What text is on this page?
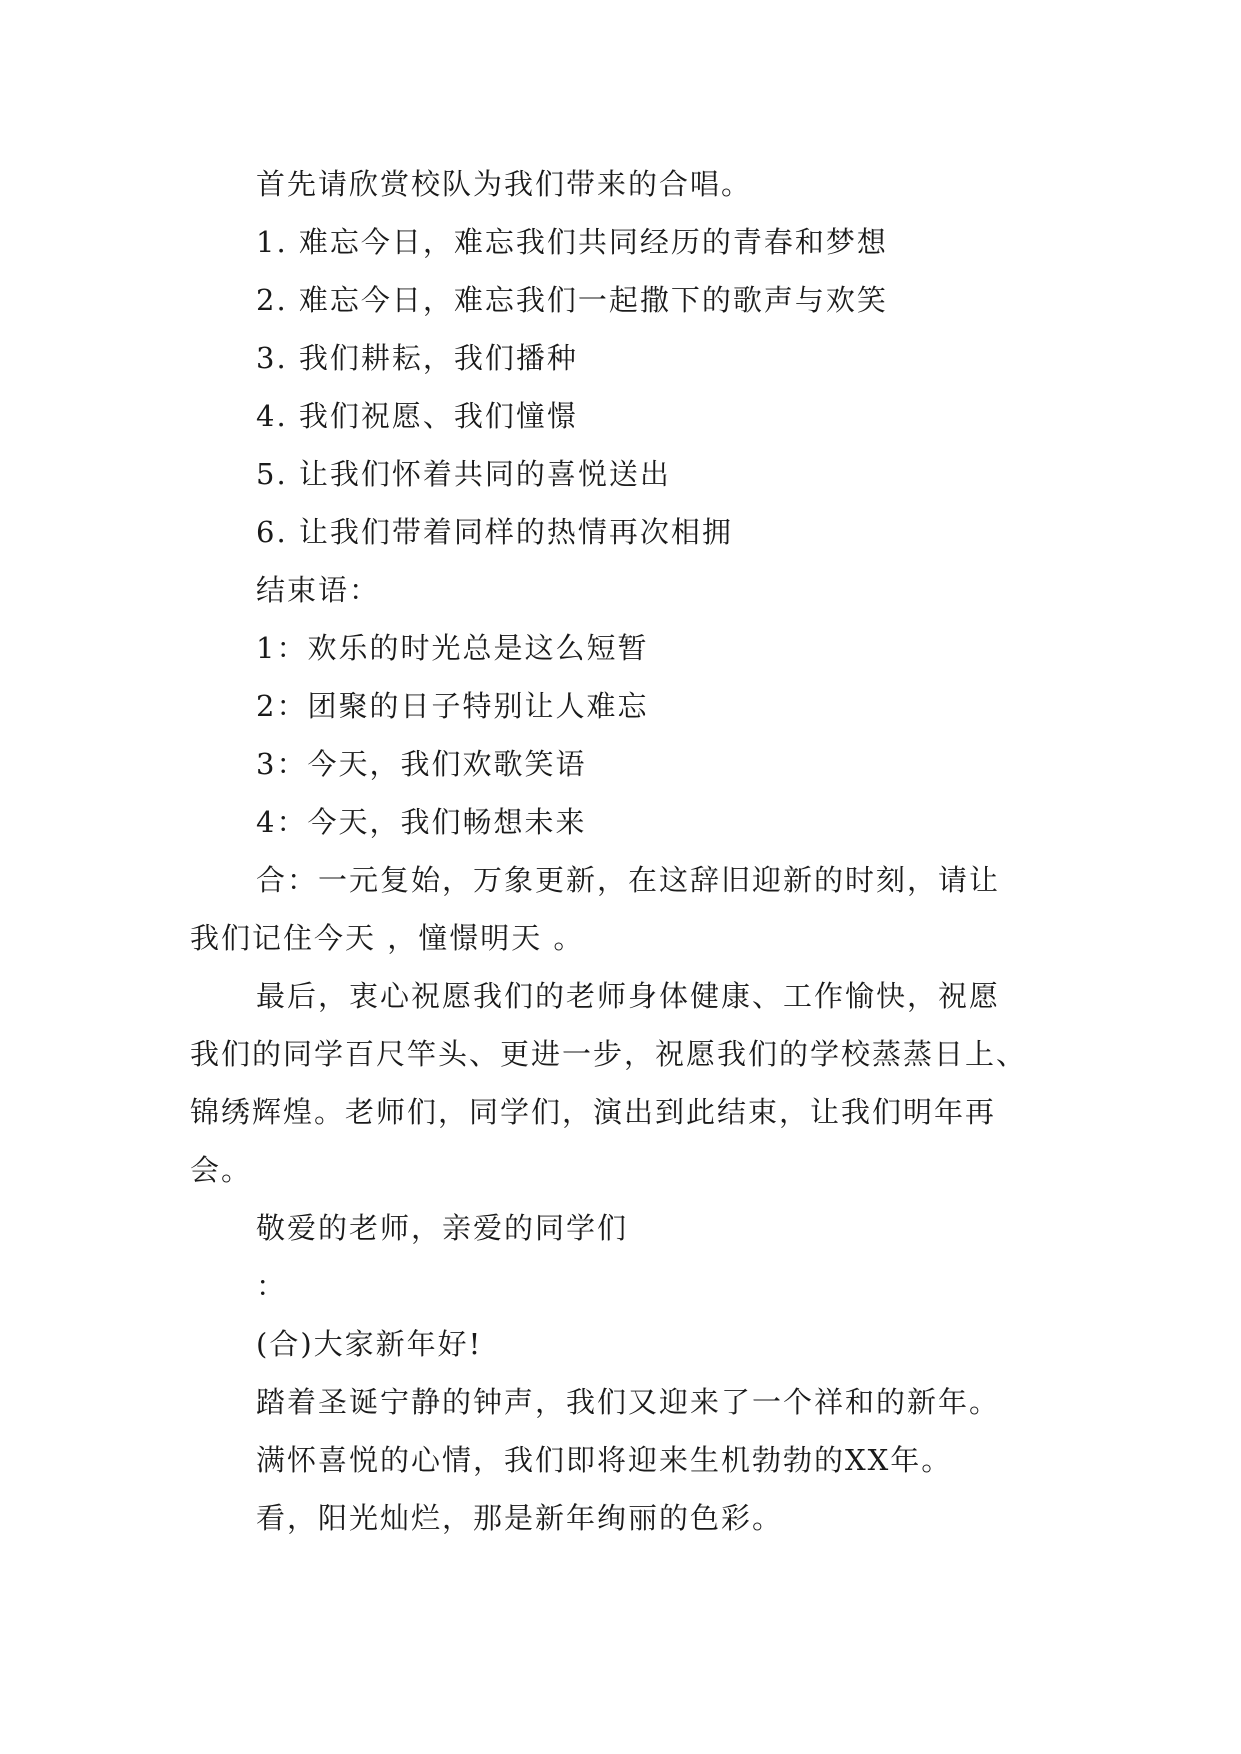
首先请欣赏校队为我们带来的合唱。
1. 难忘今日，难忘我们共同经历的青春和梦想
2. 难忘今日，难忘我们一起撒下的歌声与欢笑
3. 我们耕耘，我们播种
4. 我们祝愿、我们憧憬
5. 让我们怀着共同的喜悦送出
6. 让我们带着同样的热情再次相拥
结束语：
1：欢乐的时光总是这么短暂
2：团聚的日子特别让人难忘
3：今天，我们欢歌笑语
4：今天，我们畅想未来
合：一元复始，万象更新，在这辞旧迎新的时刻，请让
我们记住今天 ，憧憬明天 。
最后，衷心祝愿我们的老师身体健康、工作愉快，祝愿
我们的同学百尺竿头、更进一步，祝愿我们的学校蒸蒸日上、
锦绣辉煌。老师们，同学们，演出到此结束，让我们明年再
会。
敬爱的老师，亲爱的同学们
：
(合)大家新年好!
踏着圣诞宁静的钟声，我们又迎来了一个祥和的新年。
满怀喜悦的心情，我们即将迎来生机勃勃的XX年。
看，阳光灿烂，那是新年绚丽的色彩。
